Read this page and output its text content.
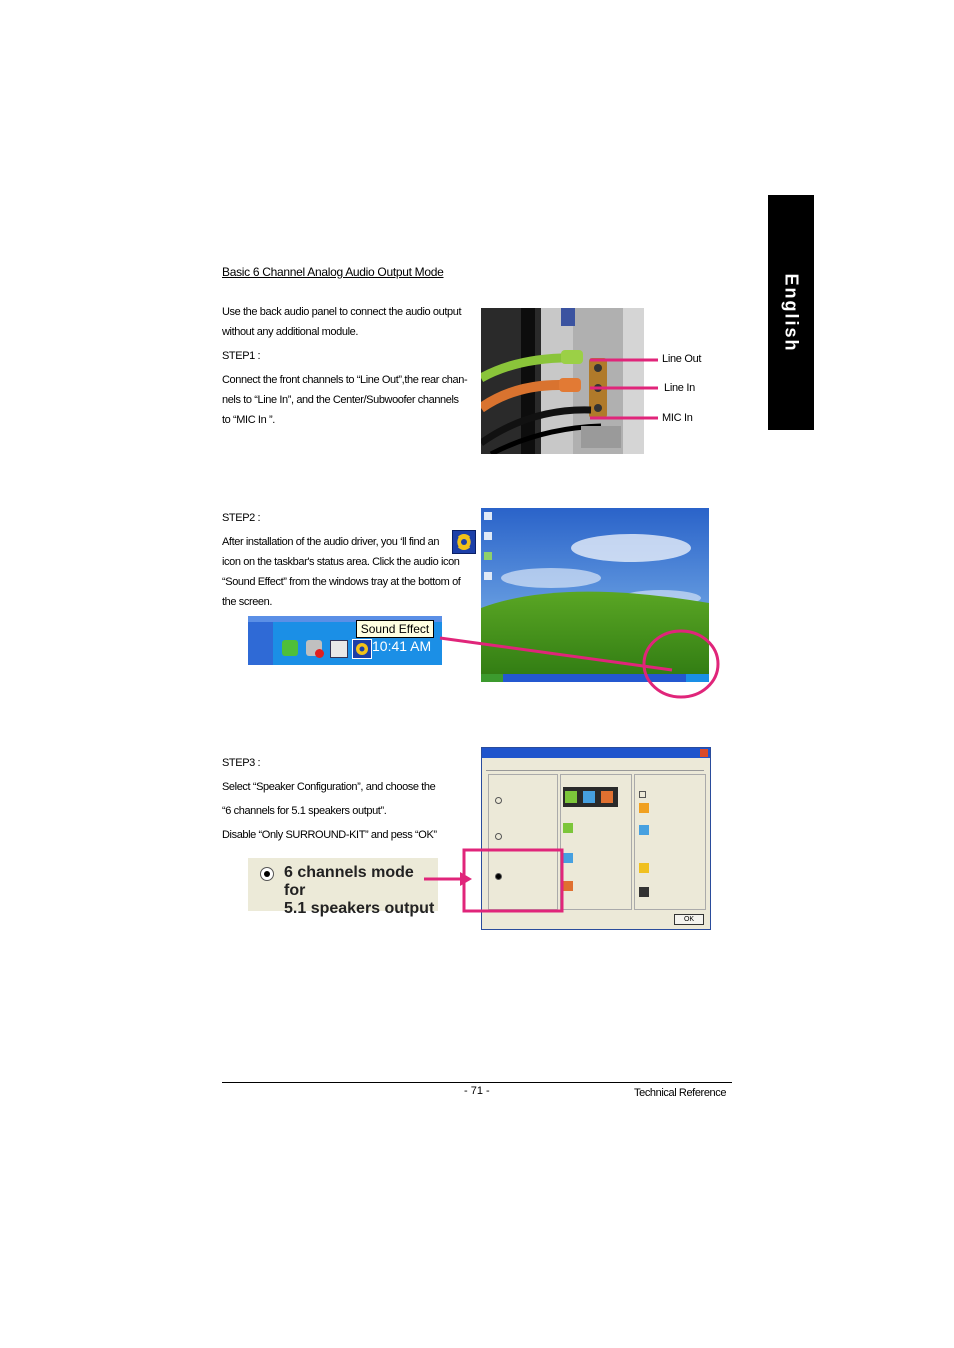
English
Basic 6 Channel Analog Audio Output Mode
Use the back audio panel to connect the audio output
without any additional module.
STEP1 :
Connect the front channels to “Line Out”,the rear chan-
nels to “Line In”, and the Center/Subwoofer channels
to “MIC In ”.
Line Out
Line In
MIC In
STEP2 :
After installation of the audio driver, you ‘ll find an
icon on the taskbar's status area. Click the audio icon
“Sound Effect” from the windows tray at the bottom of
the screen.
Sound Effect
10:41 AM
STEP3 :
Select “Speaker Configuration”, and choose the
“6 channels for 5.1 speakers output”.
Disable “Only SURROUND-KIT” and pess “OK”
6 channels mode for
5.1 speakers output
OK
- 71 -	Technical Reference
